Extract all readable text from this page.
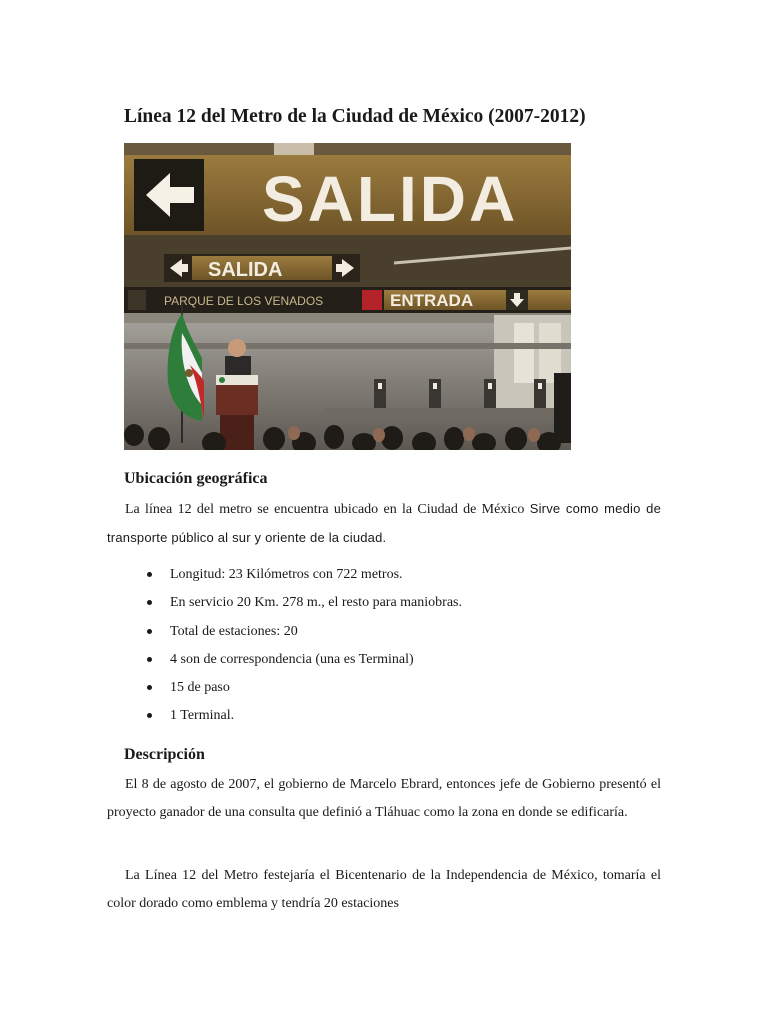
Línea 12 del Metro de la Ciudad de México (2007-2012)
SALIDA
SALIDA
PARQUE DE LOS VENADOS	ENTRADA
Ubicación geográfica

La línea 12 del metro se encuentra ubicado en la Ciudad de México Sirve como medio de transporte público al sur y oriente de la ciudad.

Longitud: 23 Kilómetros con 722 metros.
En servicio 20 Km. 278 m., el resto para maniobras.
Total de estaciones: 20
4 son de correspondencia (una es Terminal)
15 de paso
1 Terminal.
Descripción

El 8 de agosto de 2007, el gobierno de Marcelo Ebrard, entonces jefe de Gobierno presentó el proyecto ganador de una consulta que definió a Tláhuac como la zona en donde se edificaría.

La Línea 12 del Metro festejaría el Bicentenario de la Independencia de México, tomaría el color dorado como emblema y tendría 20 estaciones
